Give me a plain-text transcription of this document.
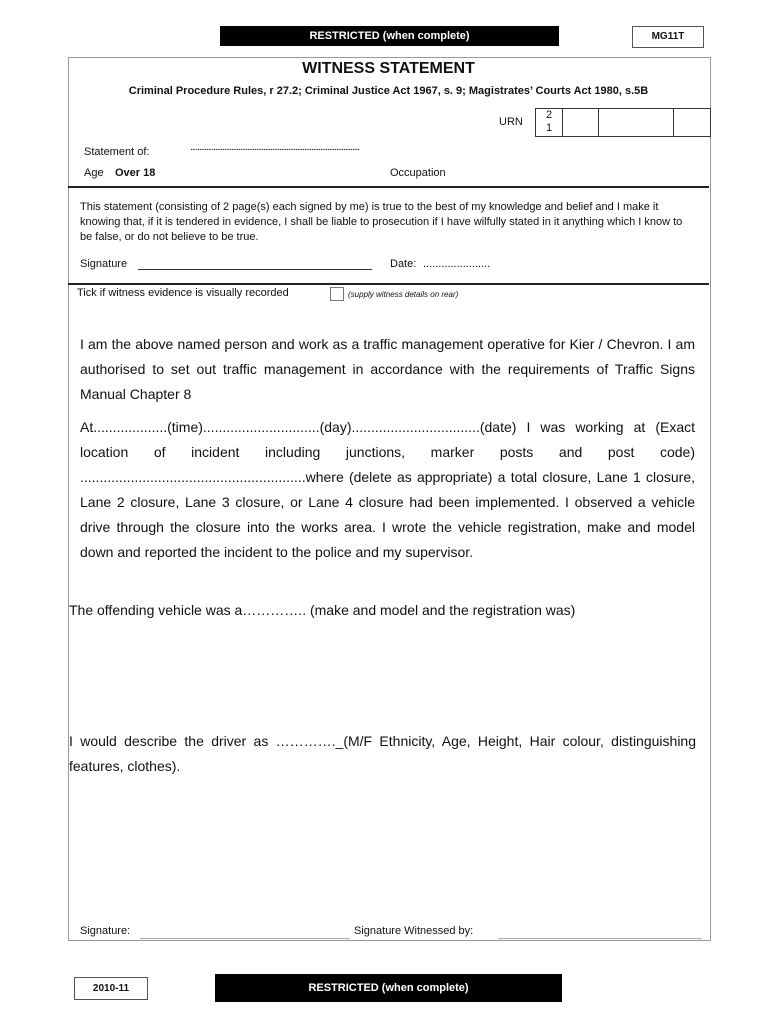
RESTRICTED (when complete)	MG11T
WITNESS STATEMENT
Criminal Procedure Rules, r 27.2; Criminal Justice Act 1967, s. 9; Magistrates’ Courts Act 1980, s.5B
URN
2
1
Statement of:	...............................................................................................
Age Over 18	Occupation
This statement (consisting of 2 page(s) each signed by me) is true to the best of my knowledge and belief and I make it knowing that, if it is tendered in evidence, I shall be liable to prosecution if I have wilfully stated in it anything which I know to be false, or do not believe to be true.
Signature	Date: ......................
Tick if witness evidence is visually recorded	(supply witness details on rear)
I am the above named person and work as a traffic management operative for Kier / Chevron. I am authorised to set out traffic management in accordance with the requirements of Traffic Signs Manual Chapter 8
At...................(time)..............................(day).................................(date) I was working at (Exact location of incident including junctions, marker posts and post code) ..........................................................where (delete as appropriate) a total closure, Lane 1 closure, Lane 2 closure, Lane 3 closure, or Lane 4 closure had been implemented. I observed a vehicle drive through the closure into the works area. I wrote the vehicle registration, make and model down and reported the incident to the police and my supervisor.
The offending vehicle was a………….. (make and model and the registration was)
I would describe the driver as …………._(M/F Ethnicity, Age, Height, Hair colour, distinguishing features, clothes).
Signature:	Signature Witnessed by:
2010-11	RESTRICTED (when complete)
